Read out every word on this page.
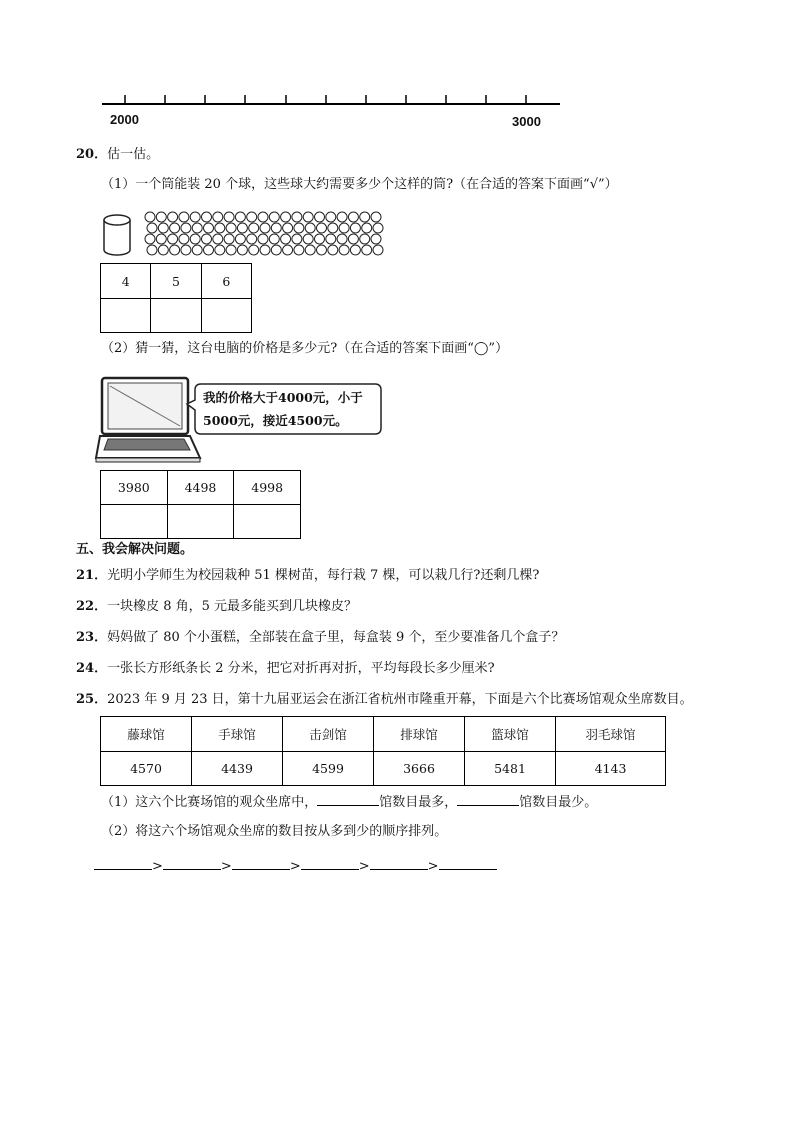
2000	3000
20．估一估。
（1）一个筒能装 20 个球，这些球大约需要多少个这样的筒?（在合适的答案下面画“√”）
4	5	6

（2）猜一猜，这台电脑的价格是多少元?（在合适的答案下面画“◯”）
我的价格大于4000元，小于
5000元，接近4500元。
3980	4498	4998

五、我会解决问题。
21．光明小学师生为校园栽种 51 棵树苗，每行栽 7 棵，可以栽几行?还剩几棵?
22．一块橡皮 8 角，5 元最多能买到几块橡皮？
23．妈妈做了 80 个小蛋糕，全部装在盒子里，每盒装 9 个，至少要准备几个盒子？
24．一张长方形纸条长 2 分米，把它对折再对折，平均每段长多少厘米?
25．2023 年 9 月 23 日，第十九届亚运会在浙江省杭州市隆重开幕，下面是六个比赛场馆观众坐席数目。
藤球馆	手球馆	击剑馆	排球馆	篮球馆	羽毛球馆
4570	4439	4599	3666	5481	4143
（1）这六个比赛场馆的观众坐席中，	馆数目最多，	馆数目最少。
（2）将这六个场馆观众坐席的数目按从多到少的顺序排列。
>	>	>	>	>
